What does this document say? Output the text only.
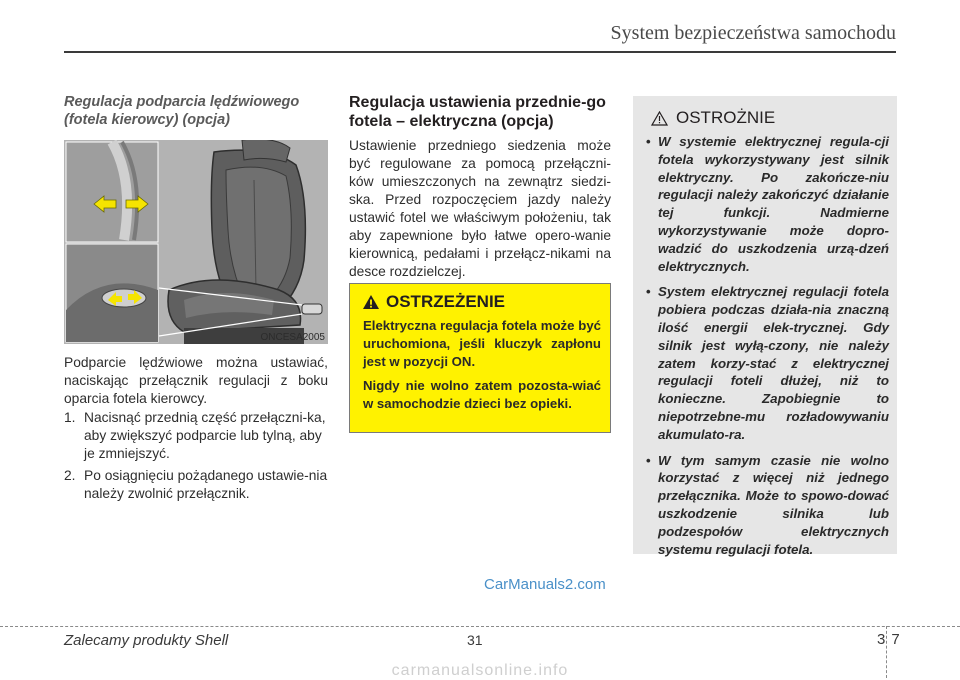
System bezpieczeństwa samochodu
Regulacja podparcia lędźwiowego (fotela kierowcy) (opcja)
ONCESA2005
Podparcie lędźwiowe można ustawiać, naciskając przełącznik regulacji z boku oparcia fotela kierowcy.
1. Nacisnąć przednią część przełączni-ka, aby zwiększyć podparcie lub tylną, aby je zmniejszyć.
2. Po osiągnięciu pożądanego ustawie-nia należy zwolnić przełącznik.
Regulacja ustawienia przednie-go fotela – elektryczna (opcja)
Ustawienie przedniego siedzenia może być regulowane za pomocą przełączni-ków umieszczonych na zewnątrz siedzi-ska. Przed rozpoczęciem jazdy należy ustawić fotel we właściwym położeniu, tak aby zapewnione było łatwe opero-wanie kierownicą, pedałami i przełącz-nikami na desce rozdzielczej.
OSTRZEŻENIE
Elektryczna regulacja fotela może być uruchomiona, jeśli kluczyk zapłonu jest w pozycji ON.
Nigdy nie wolno zatem pozosta-wiać w samochodzie dzieci bez opieki.
OSTROŻNIE
• W systemie elektrycznej regula-cji fotela wykorzystywany jest silnik elektryczny. Po zakończe-niu regulacji należy zakończyć działanie tej funkcji. Nadmierne wykorzystywanie może dopro-wadzić do uszkodzenia urzą-dzeń elektrycznych.
• System elektrycznej regulacji fotela pobiera podczas działa-nia znaczną ilość energii elek-trycznej. Gdy silnik jest wyłą-czony, nie należy zatem korzy-stać z elektrycznej regulacji foteli dłużej, niż to konieczne. Zapobiegnie to niepotrzebne-mu rozładowywaniu akumulato-ra.
• W tym samym czasie nie wolno korzystać z więcej niż jednego przełącznika. Może to spowo-dować uszkodzenie silnika lub podzespołów elektrycznych systemu regulacji fotela.
CarManuals2.com
Zalecamy produkty Shell	31	37
carmanualsonline.info
